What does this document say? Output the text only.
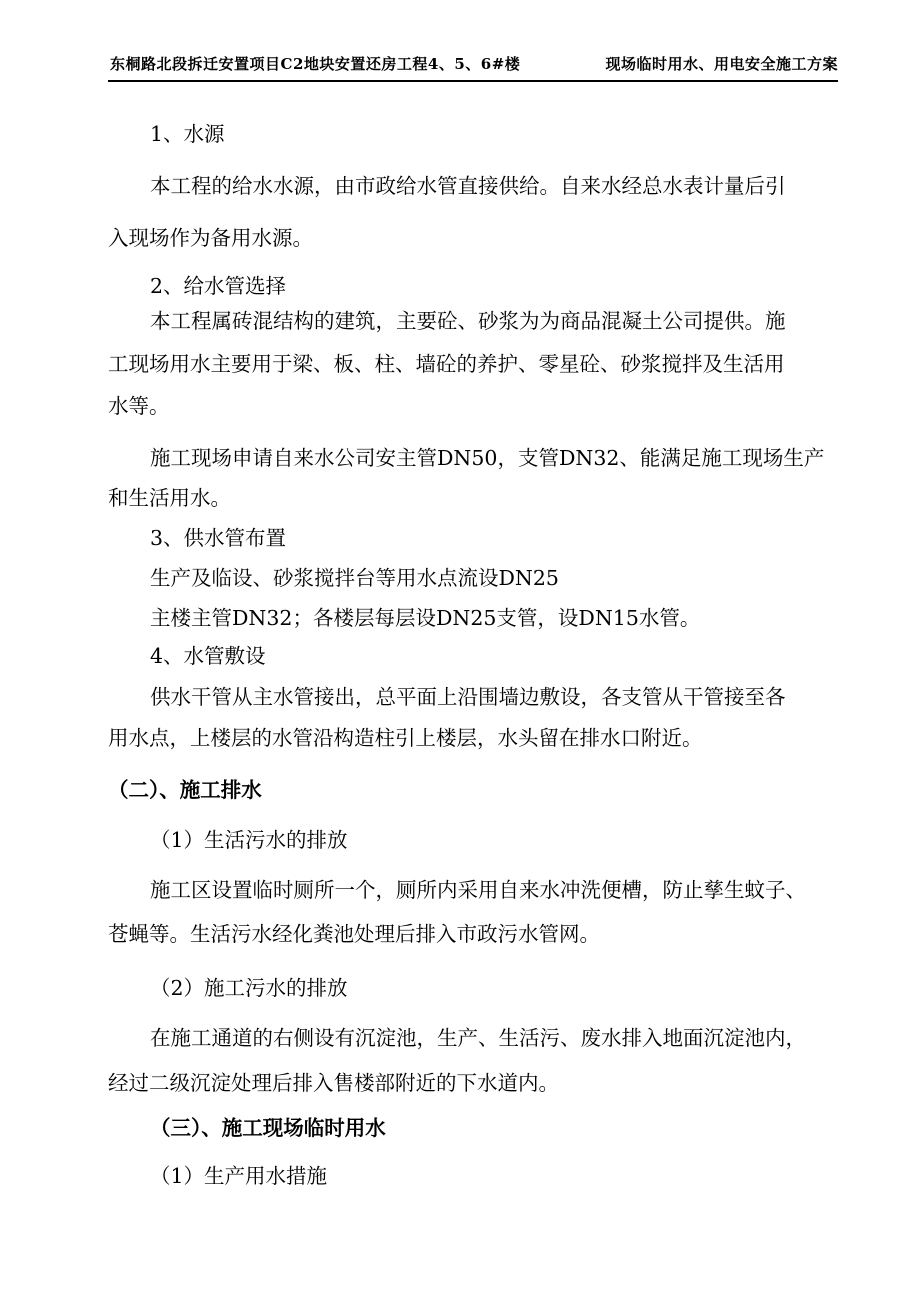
东桐路北段拆迁安置项目C2地块安置还房工程4、5、6#楼	现场临时用水、用电安全施工方案
1、水源
本工程的给水水源，由市政给水管直接供给。自来水经总水表计量后引
入现场作为备用水源。
2、给水管选择
本工程属砖混结构的建筑，主要砼、砂浆为为商品混凝土公司提供。施
工现场用水主要用于梁、板、柱、墙砼的养护、零星砼、砂浆搅拌及生活用
水等。
施工现场申请自来水公司安主管DN50，支管DN32、能满足施工现场生产
和生活用水。
3、供水管布置
生产及临设、砂浆搅拌台等用水点流设DN25
主楼主管DN32；各楼层每层设DN25支管，设DN15水管。
4、水管敷设
供水干管从主水管接出，总平面上沿围墙边敷设，各支管从干管接至各
用水点，上楼层的水管沿构造柱引上楼层，水头留在排水口附近。
（二）、施工排水
（1）生活污水的排放
施工区设置临时厕所一个，厕所内采用自来水冲洗便槽，防止孳生蚊子、
苍蝇等。生活污水经化粪池处理后排入市政污水管网。
（2）施工污水的排放
在施工通道的右侧设有沉淀池，生产、生活污、废水排入地面沉淀池内，
经过二级沉淀处理后排入售楼部附近的下水道内。
（三）、施工现场临时用水
（1）生产用水措施
